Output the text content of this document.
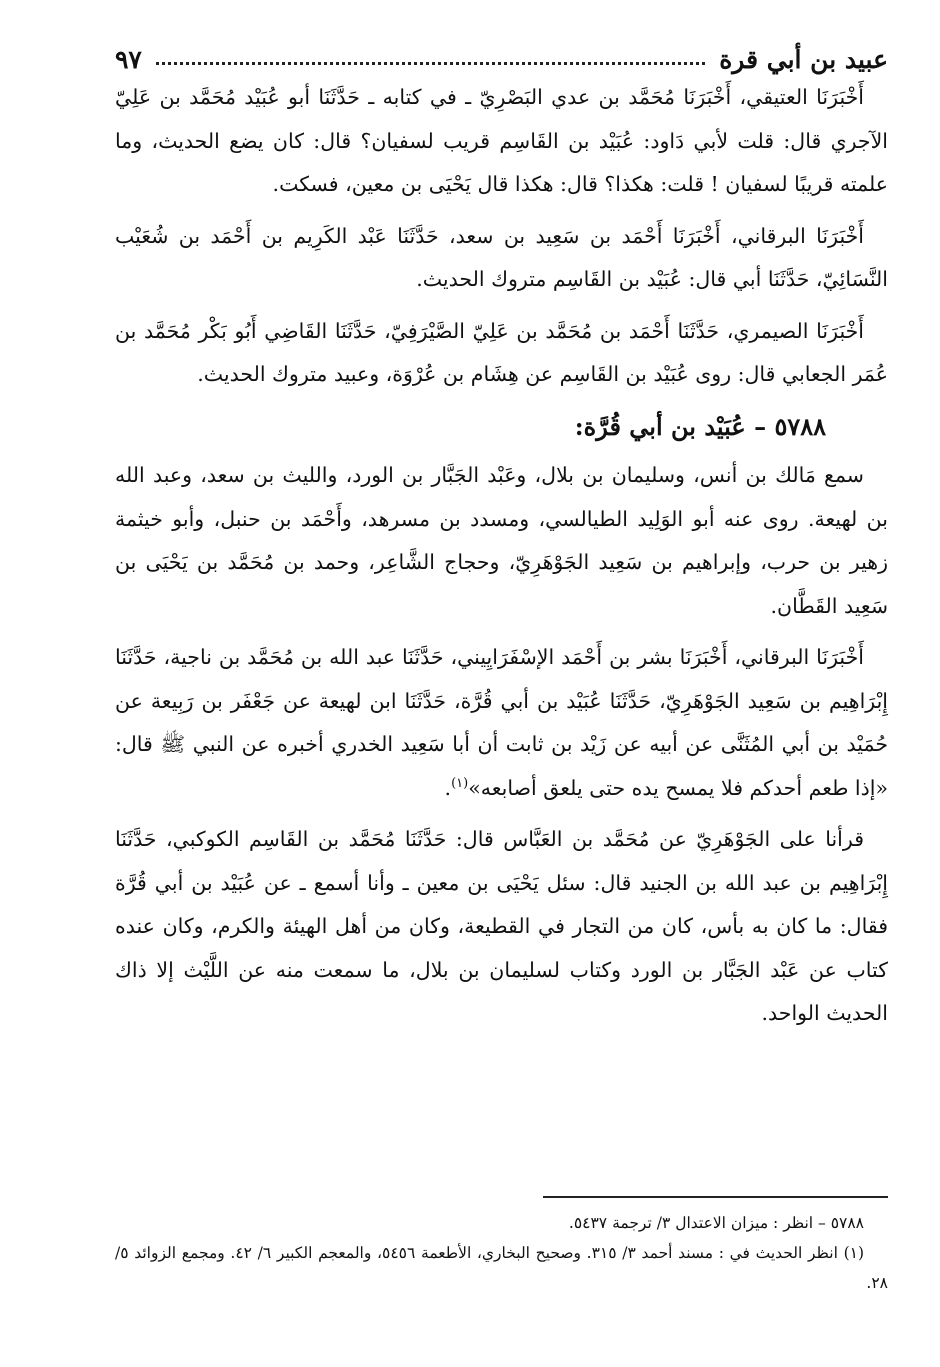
عبيد بن أبي قرة
٩٧

أَخْبَرَنَا العتيقي، أَخْبَرَنَا مُحَمَّد بن عدي البَصْرِيّ ـ في كتابه ـ حَدَّثَنَا أبو عُبَيْد مُحَمَّد بن عَلِيّ الآجري قال: قلت لأبي دَاود: عُبَيْد بن القَاسِم قريب لسفيان؟ قال: كان يضع الحديث، وما علمته قريبًا لسفيان ! قلت: هكذا؟ قال: هكذا قال يَحْيَى بن معين، فسكت.

أَخْبَرَنَا البرقاني، أَخْبَرَنَا أَحْمَد بن سَعِيد بن سعد، حَدَّثَنَا عَبْد الكَرِيم بن أَحْمَد بن شُعَيْب النَّسَائِيّ، حَدَّثَنَا أبي قال: عُبَيْد بن القَاسِم متروك الحديث.

أَخْبَرَنَا الصيمري، حَدَّثَنَا أَحْمَد بن مُحَمَّد بن عَلِيّ الصَّيْرَفِيّ، حَدَّثَنَا القَاضِي أَبُو بَكْر مُحَمَّد بن عُمَر الجعابي قال: روى عُبَيْد بن القَاسِم عن هِشَام بن عُرْوَة، وعبيد متروك الحديث.

٥٧٨٨ – عُبَيْد بن أبي قُرَّة:

سمع مَالك بن أنس، وسليمان بن بلال، وعَبْد الجَبَّار بن الورد، والليث بن سعد، وعبد الله بن لهيعة. روى عنه أبو الوَلِيد الطيالسي، ومسدد بن مسرهد، وأَحْمَد بن حنبل، وأبو خيثمة زهير بن حرب، وإبراهيم بن سَعِيد الجَوْهَرِيّ، وحجاج الشَّاعِر، وحمد بن مُحَمَّد بن يَحْيَى بن سَعِيد القَطَّان.

أَخْبَرَنَا البرقاني، أَخْبَرَنَا بشر بن أَحْمَد الإسْفَرَايِيني، حَدَّثَنَا عبد الله بن مُحَمَّد بن ناجية، حَدَّثَنَا إِبْرَاهِيم بن سَعِيد الجَوْهَرِيّ، حَدَّثَنَا عُبَيْد بن أبي قُرَّة، حَدَّثَنَا ابن لهيعة عن جَعْفَر بن رَبِيعة عن حُمَيْد بن أبي المُثَنَّى عن أبيه عن زَيْد بن ثابت أن أبا سَعِيد الخدري أخبره عن النبي ﷺ قال: «إذا طعم أحدكم فلا يمسح يده حتى يلعق أصابعه»$^{(١)}$.

قرأنا على الجَوْهَرِيّ عن مُحَمَّد بن العَبَّاس قال: حَدَّثَنَا مُحَمَّد بن القَاسِم الكوكبي، حَدَّثَنَا إِبْرَاهِيم بن عبد الله بن الجنيد قال: سئل يَحْيَى بن معين ـ وأنا أسمع ـ عن عُبَيْد بن أبي قُرَّة فقال: ما كان به بأس، كان من التجار في القطيعة، وكان من أهل الهيئة والكرم، وكان عنده كتاب عن عَبْد الجَبَّار بن الورد وكتاب لسليمان بن بلال، ما سمعت منه عن اللَّيْث إلا ذاك الحديث الواحد.

٥٧٨٨ – انظر : ميزان الاعتدال ٣/ ترجمة ٥٤٣٧.

(١) انظر الحديث في : مسند أحمد ٣/ ٣١٥. وصحيح البخاري، الأطعمة ٥٤٥٦، والمعجم الكبير ٦/ ٤٢. ومجمع الزوائد ٥/ ٢٨.
